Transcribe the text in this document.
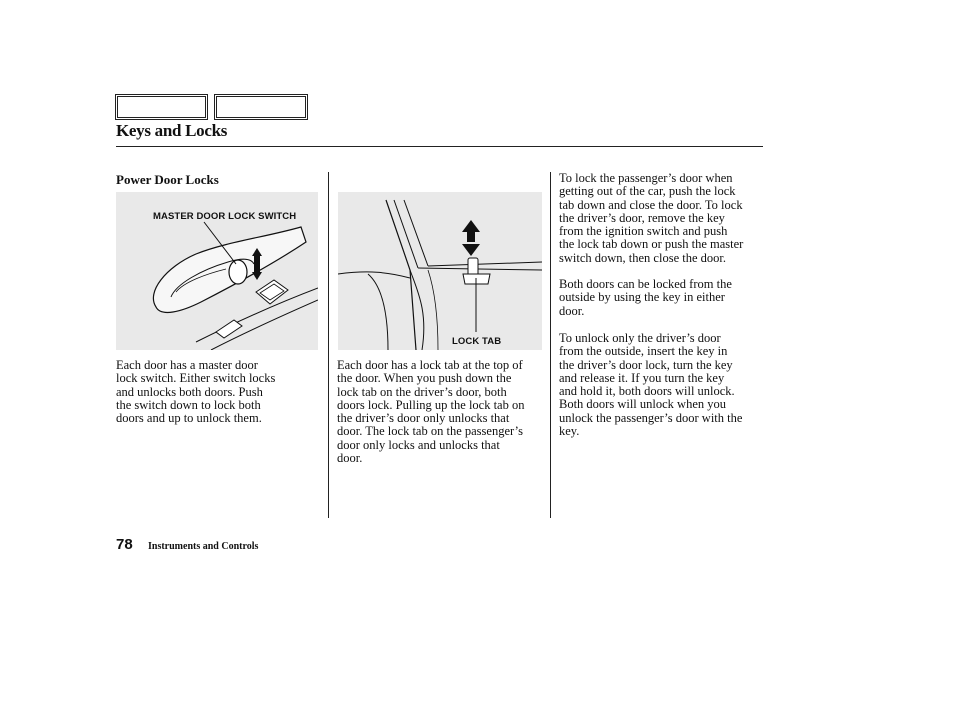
Keys and Locks
Power Door Locks
MASTER DOOR LOCK SWITCH
LOCK TAB

Each door has a master door
lock switch. Either switch locks
and unlocks both doors. Push
the switch down to lock both
doors and up to unlock them.

Each door has a lock tab at the top of
the door. When you push down the
lock tab on the driver’s door, both
doors lock. Pulling up the lock tab on
the driver’s door only unlocks that
door. The lock tab on the passenger’s
door only locks and unlocks that
door.

To lock the passenger’s door when
getting out of the car, push the lock
tab down and close the door. To lock
the driver’s door, remove the key
from the ignition switch and push
the lock tab down or push the master
switch down, then close the door.

Both doors can be locked from the
outside by using the key in either
door.

To unlock only the driver’s door
from the outside, insert the key in
the driver’s door lock, turn the key
and release it. If you turn the key
and hold it, both doors will unlock.
Both doors will unlock when you
unlock the passenger’s door with the
key.

78 Instruments and Controls
